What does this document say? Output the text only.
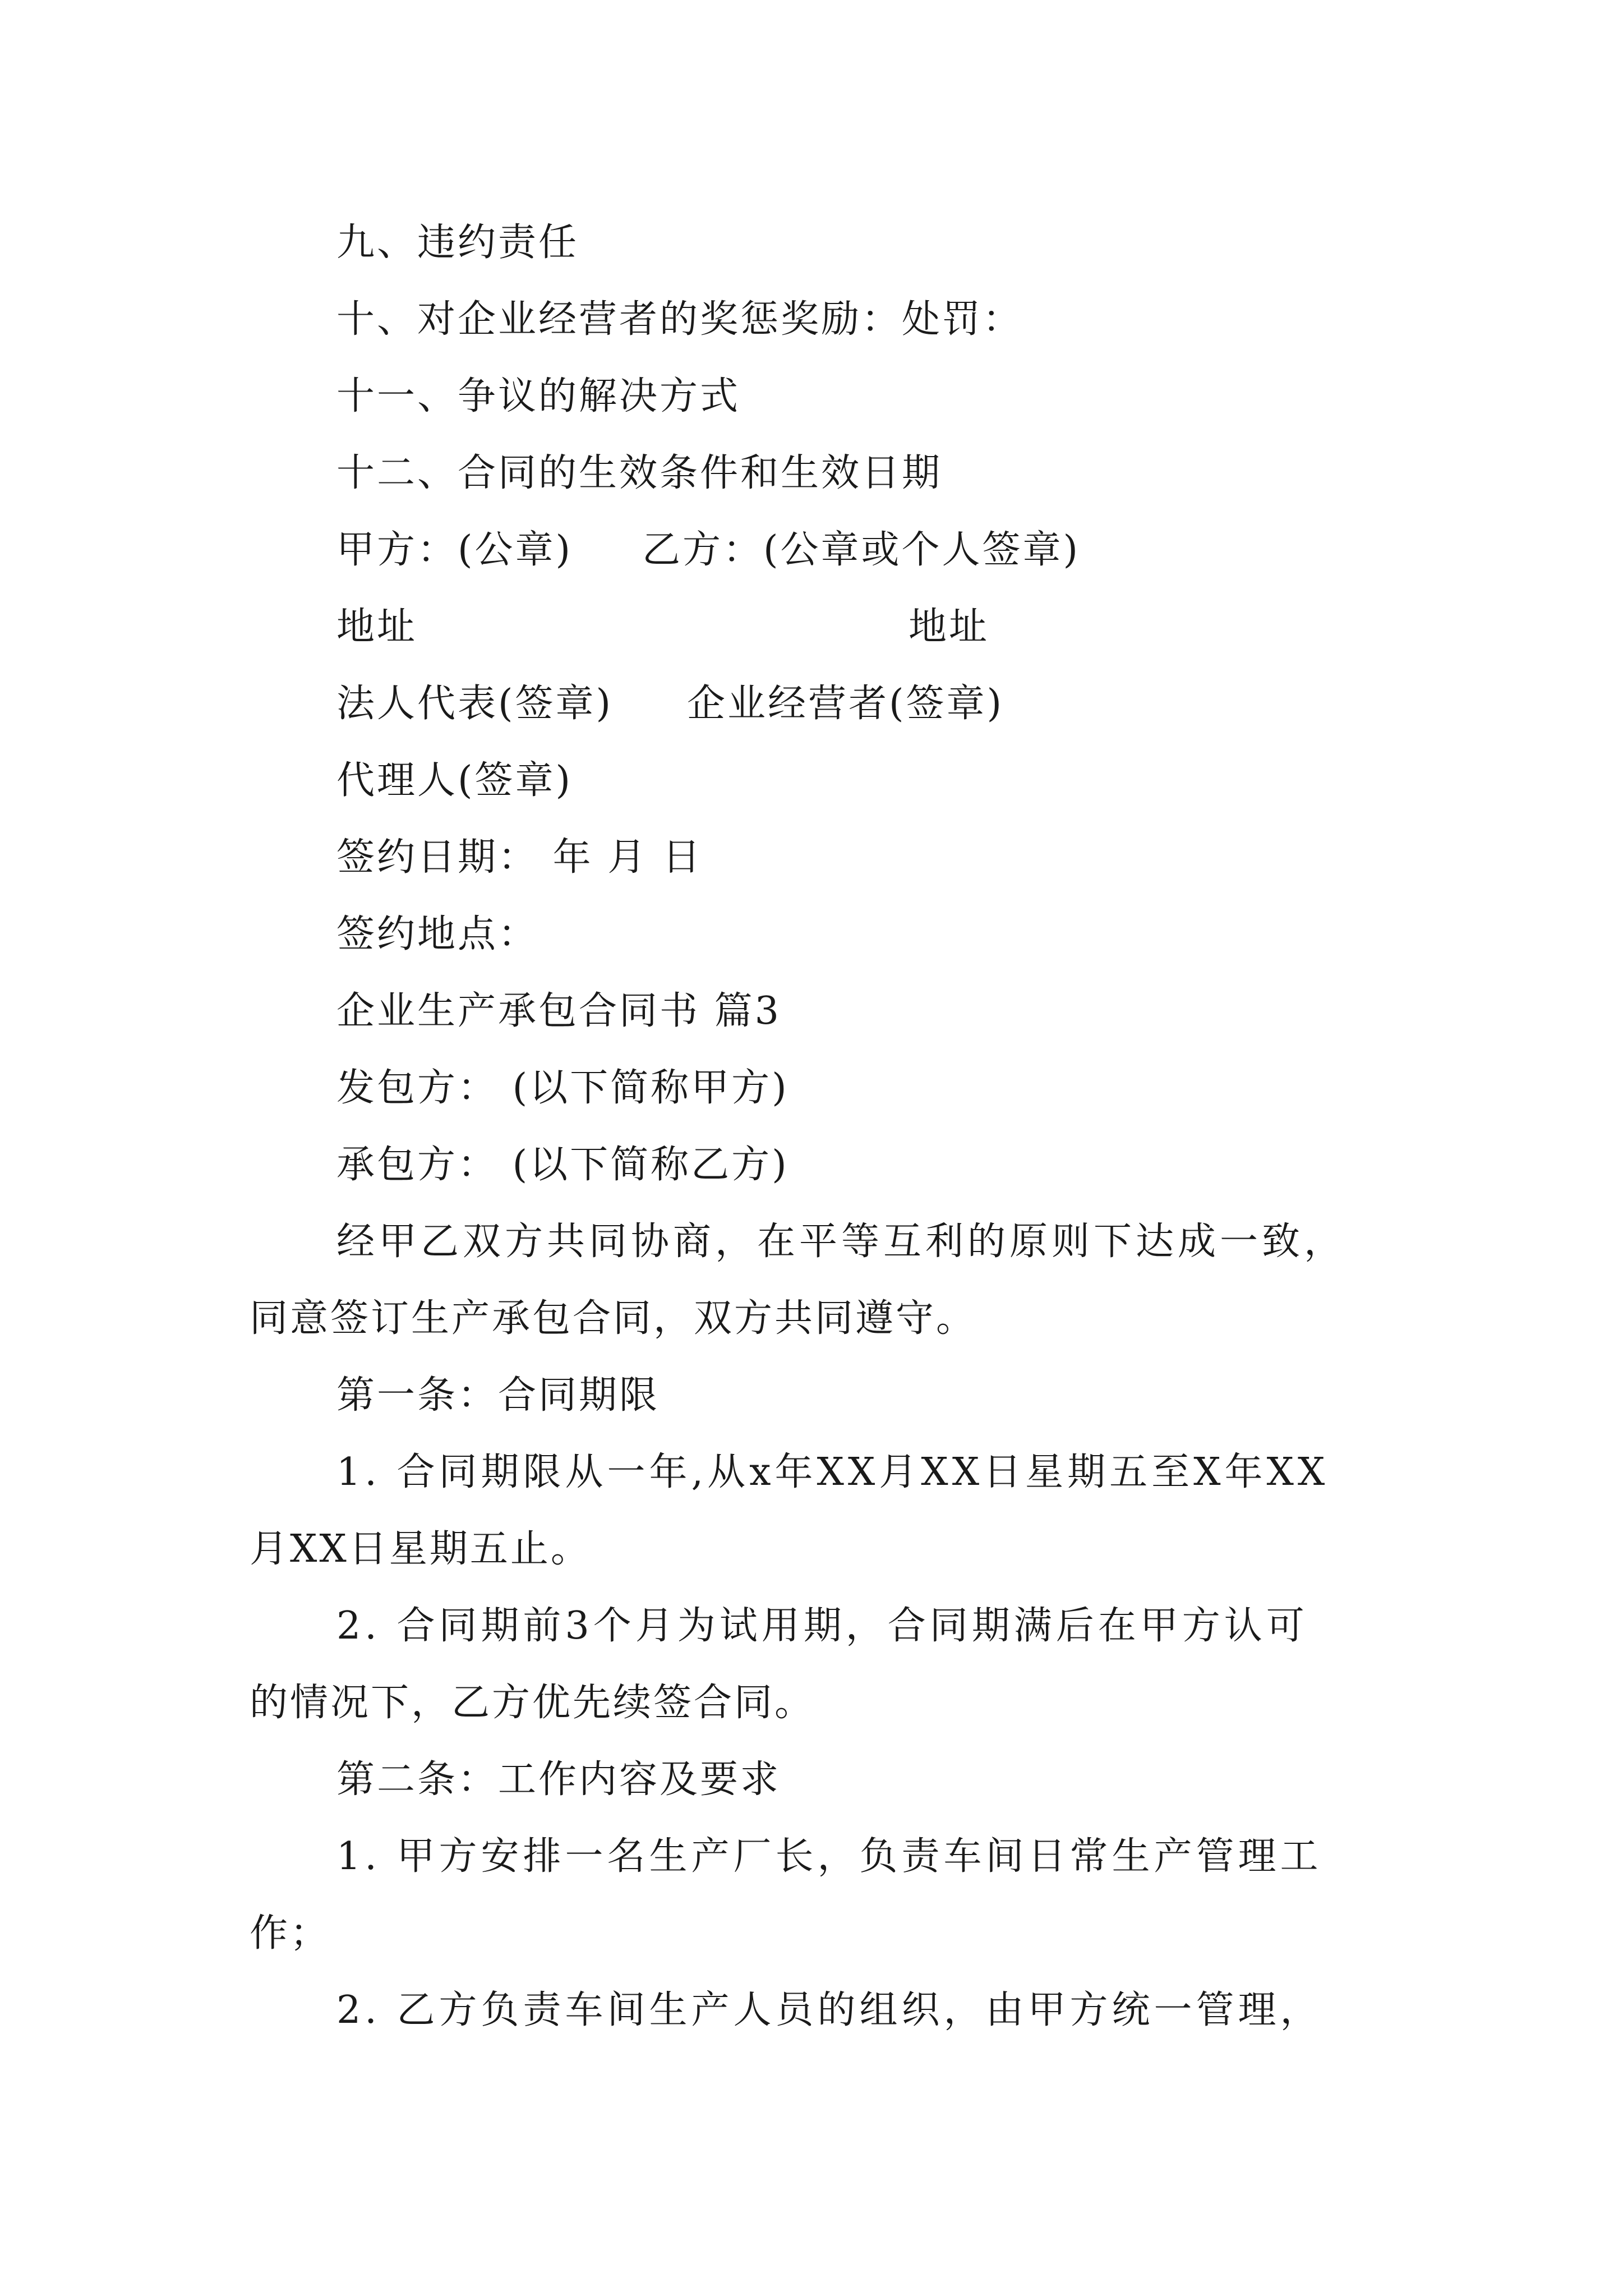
九、违约责任
十、对企业经营者的奖惩奖励：处罚：
十一、争议的解决方式
十二、合同的生效条件和生效日期
甲方：(公章) 乙方：(公章或个人签章)
地址	地址
法人代表(签章) 企业经营者(签章)
代理人(签章)
签约日期： 年 月 日
签约地点：
企业生产承包合同书 篇3
发包方： (以下简称甲方)
承包方： (以下简称乙方)
经甲乙双方共同协商，在平等互利的原则下达成一致，
同意签订生产承包合同，双方共同遵守。
第一条：合同期限
1. 合同期限从一年,从x年XX月XX日星期五至X年XX
月XX日星期五止。
2. 合同期前3个月为试用期，合同期满后在甲方认可
的情况下，乙方优先续签合同。
第二条：工作内容及要求
1. 甲方安排一名生产厂长，负责车间日常生产管理工
作；
2. 乙方负责车间生产人员的组织，由甲方统一管理，
